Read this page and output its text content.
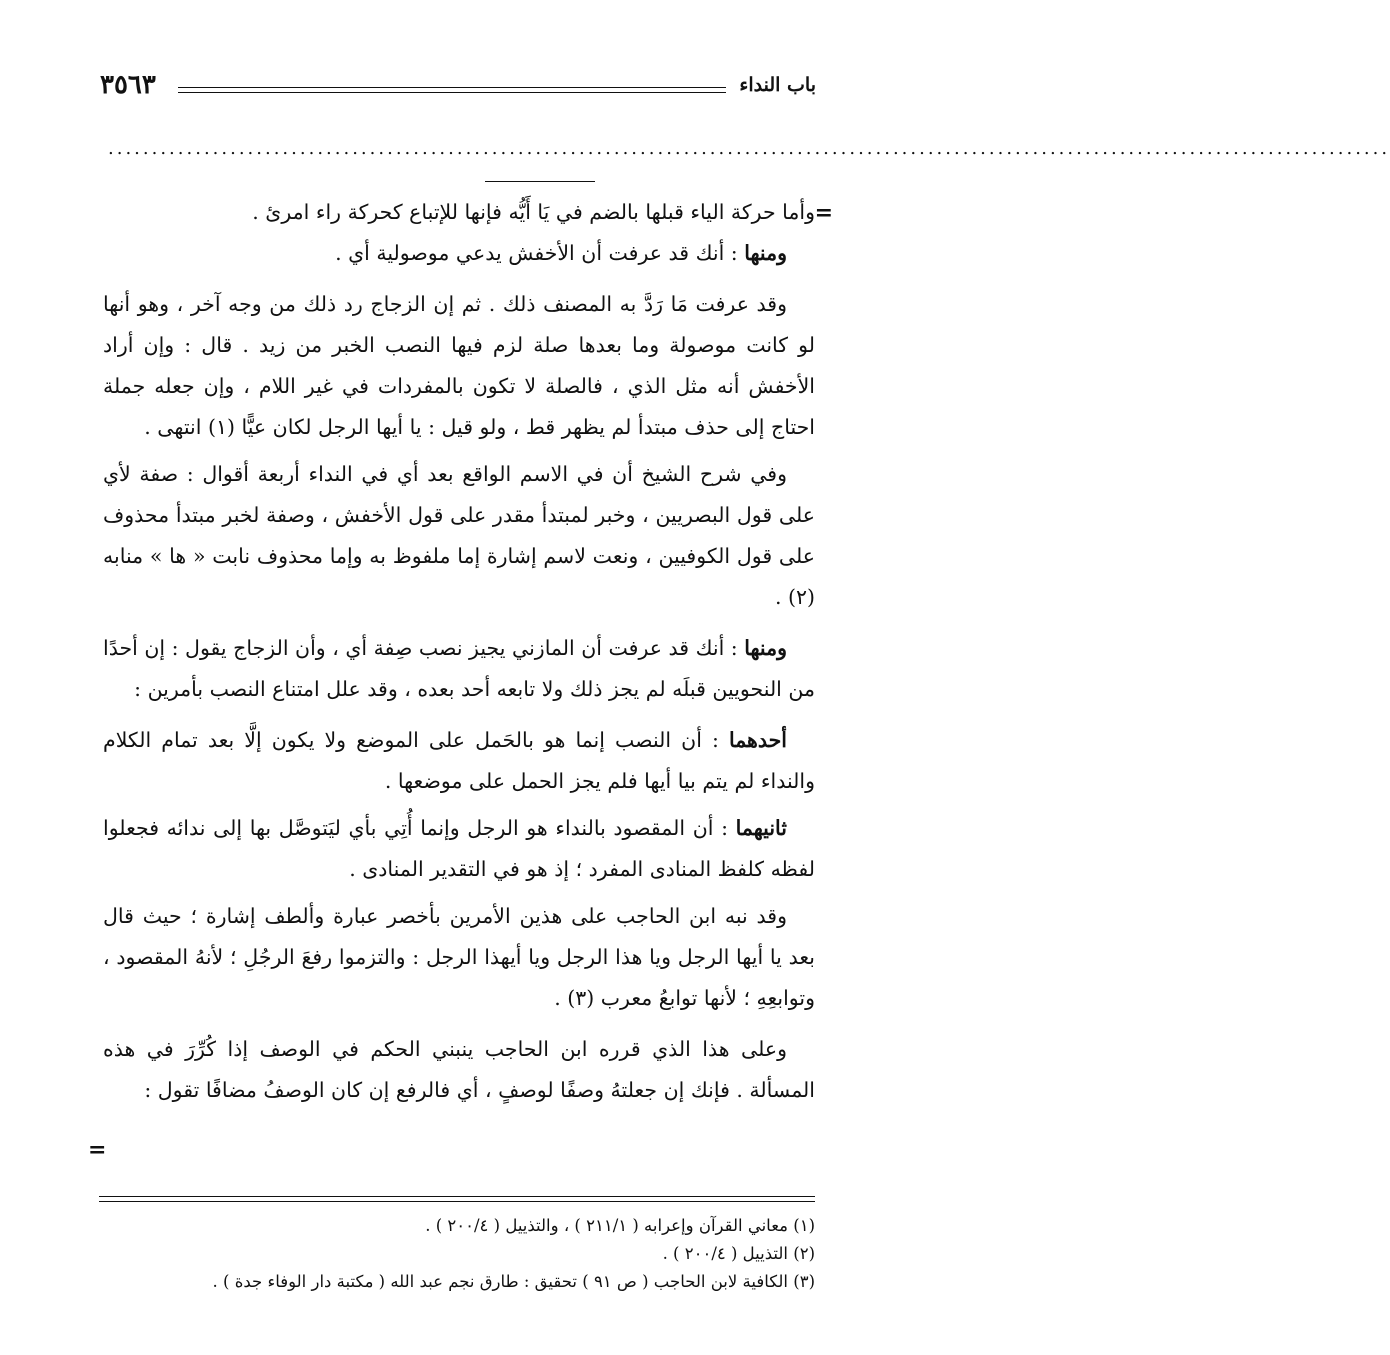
باب النداء
٣٥٦٣
...................................................................................................................................................
=

وأما حركة الياء قبلها بالضم في يَا أَيُّه فإنها للإتباع كحركة راء امرئ .

ومنها : أنك قد عرفت أن الأخفش يدعي موصولية أي .

وقد عرفت مَا رَدَّ به المصنف ذلك . ثم إن الزجاج رد ذلك من وجه آخر ، وهو أنها لو كانت موصولة وما بعدها صلة لزم فيها النصب الخبر من زيد . قال : وإن أراد الأخفش أنه مثل الذي ، فالصلة لا تكون بالمفردات في غير اللام ، وإن جعله جملة احتاج إلى حذف مبتدأ لم يظهر قط ، ولو قيل : يا أيها الرجل لكان عيًّا (١) انتهى .

وفي شرح الشيخ أن في الاسم الواقع بعد أي في النداء أربعة أقوال : صفة لأي على قول البصريين ، وخبر لمبتدأ مقدر على قول الأخفش ، وصفة لخبر مبتدأ محذوف على قول الكوفيين ، ونعت لاسم إشارة إما ملفوظ به وإما محذوف نابت « ها » منابه (٢) .

ومنها : أنك قد عرفت أن المازني يجيز نصب صِفة أي ، وأن الزجاج يقول : إن أحدًا من النحويين قبلَه لم يجز ذلك ولا تابعه أحد بعده ، وقد علل امتناع النصب بأمرين :

أحدهما : أن النصب إنما هو بالحَمل على الموضع ولا يكون إلَّا بعد تمام الكلام والنداء لم يتم بيا أيها فلم يجز الحمل على موضعها .

ثانيهما : أن المقصود بالنداء هو الرجل وإنما أُتِي بأي ليَتوصَّل بها إلى ندائه فجعلوا لفظه كلفظ المنادى المفرد ؛ إذ هو في التقدير المنادى .

وقد نبه ابن الحاجب على هذين الأمرين بأخصر عبارة وألطف إشارة ؛ حيث قال بعد يا أيها الرجل ويا هذا الرجل ويا أيهذا الرجل : والتزموا رفعَ الرجُلِ ؛ لأنهُ المقصود ، وتوابعِهِ ؛ لأنها توابعُ معرب (٣) .

وعلى هذا الذي قرره ابن الحاجب ينبني الحكم في الوصف إذا كُرِّرَ في هذه المسألة . فإنك إن جعلتهُ وصفًا لوصفٍ ، أي فالرفع إن كان الوصفُ مضافًا تقول :

=

(١) معاني القرآن وإعرابه ( ٢١١/١ ) ، والتذييل ( ٢٠٠/٤ ) .

(٢) التذييل ( ٢٠٠/٤ ) .

(٣) الكافية لابن الحاجب ( ص ٩١ ) تحقيق : طارق نجم عبد الله ( مكتبة دار الوفاء جدة ) .
